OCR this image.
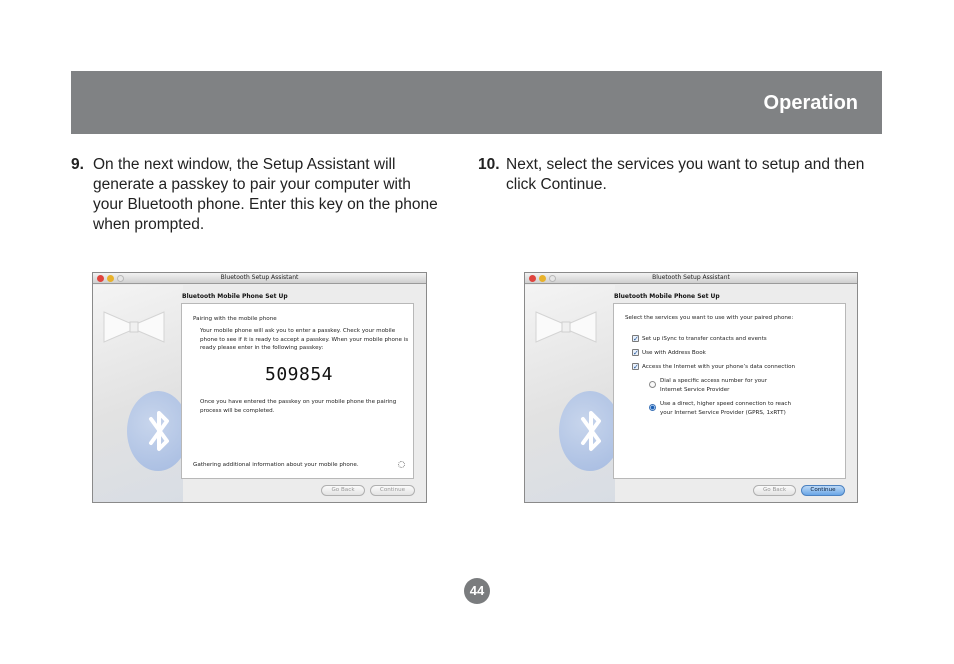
Operation
9. On the next window, the Setup Assistant will generate a passkey to pair your computer with your Bluetooth phone. Enter this key on the phone when prompted.
10. Next, select the services you want to setup and then click Continue.
Bluetooth Setup Assistant
Bluetooth Mobile Phone Set Up
Pairing with the mobile phone
Your mobile phone will ask you to enter a passkey. Check your mobile phone to see if it is ready to accept a passkey. When your mobile phone is ready please enter in the following passkey:
509854
Once you have entered the passkey on your mobile phone the pairing process will be completed.
Gathering additional information about your mobile phone.
Go Back	Continue
Bluetooth Setup Assistant
Bluetooth Mobile Phone Set Up
Select the services you want to use with your paired phone:
✓ Set up iSync to transfer contacts and events
✓ Use with Address Book
✓ Access the Internet with your phone’s data connection
Dial a specific access number for your
Internet Service Provider
Use a direct, higher speed connection to reach
your Internet Service Provider (GPRS, 1xRTT)
Go Back	Continue
44
